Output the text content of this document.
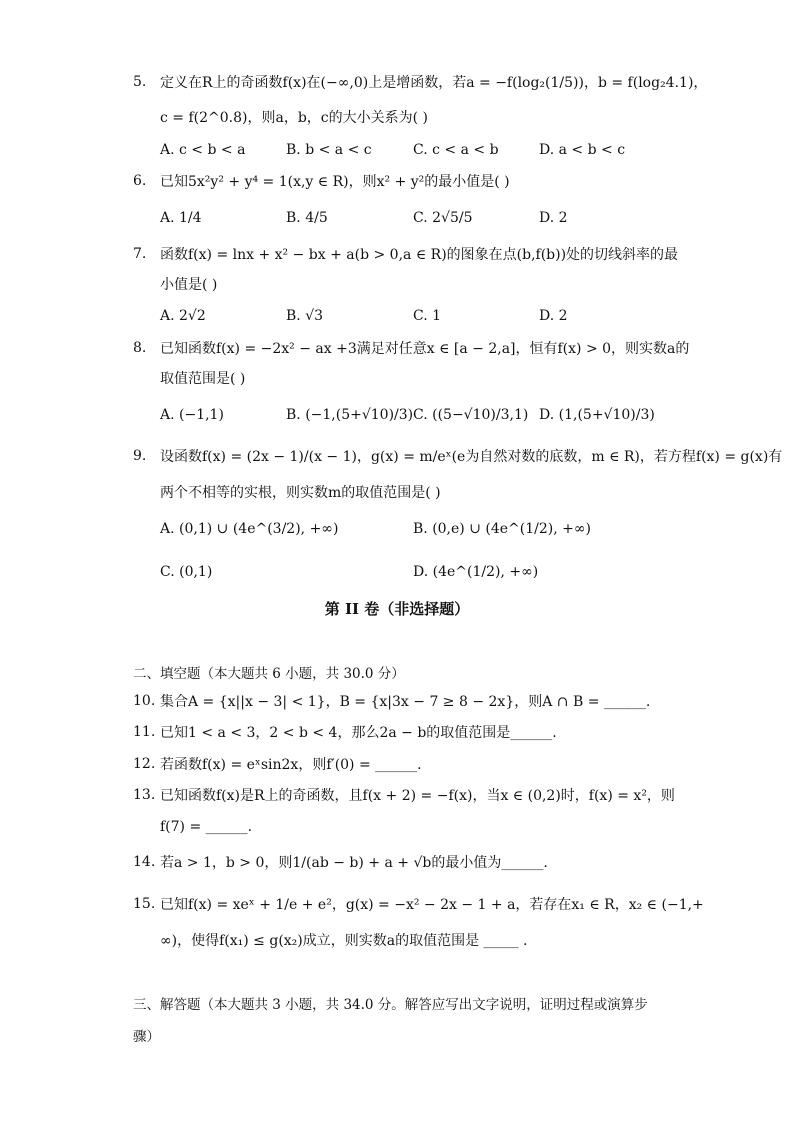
5. 定义在R上的奇函数f(x)在(−∞,0)上是增函数，若a = −f(log₂(1/5))，b = f(log₂4.1)，
c = f(2^0.8)，则a，b，c的大小关系为( )
A. c < b < a	B. b < a < c	C. c < a < b	D. a < b < c
6. 已知5x²y² + y⁴ = 1(x,y ∈ R)，则x² + y²的最小值是( )
A. 1/4	B. 4/5	C. 2√5/5	D. 2
7. 函数f(x) = lnx + x² − bx + a(b > 0,a ∈ R)的图象在点(b,f(b))处的切线斜率的最
小值是( )
A. 2√2	B. √3	C. 1	D. 2
8. 已知函数f(x) = −2x² − ax +3满足对任意x ∈ [a − 2,a]，恒有f(x) > 0，则实数a的
取值范围是( )
A. (−1,1)	B. (−1,(5+√10)/3) C. ((5−√10)/3,1) D. (1,(5+√10)/3)
9. 设函数f(x) = (2x − 1)/(x − 1)，g(x) = m/eˣ(e为自然对数的底数，m ∈ R)，若方程f(x) = g(x)有
两个不相等的实根，则实数m的取值范围是( )
A. (0,1) ∪ (4e^(3/2), +∞)	B. (0,e) ∪ (4e^(1/2), +∞)
C. (0,1)	D. (4e^(1/2), +∞)
第 II 卷（非选择题）
二、填空题（本大题共 6 小题，共 30.0 分）
10. 集合A = {x||x − 3| < 1}，B = {x|3x − 7 ≥ 8 − 2x}，则A ∩ B = ______.
11. 已知1 < a < 3，2 < b < 4，那么2a − b的取值范围是______.
12. 若函数f(x) = eˣsin2x，则f′(0) = ______.
13. 已知函数f(x)是R上的奇函数，且f(x + 2) = −f(x)，当x ∈ (0,2)时，f(x) = x²，则
f(7) = ______.
14. 若a > 1，b > 0，则1/(ab − b) + a + √b的最小值为______.
15. 已知f(x) = xeˣ + 1/e + e²，g(x) = −x² − 2x − 1 + a，若存在x₁ ∈ R，x₂ ∈ (−1,+
∞)，使得f(x₁) ≤ g(x₂)成立，则实数a的取值范围是 _____ .
三、解答题（本大题共 3 小题，共 34.0 分。解答应写出文字说明，证明过程或演算步
骤）
